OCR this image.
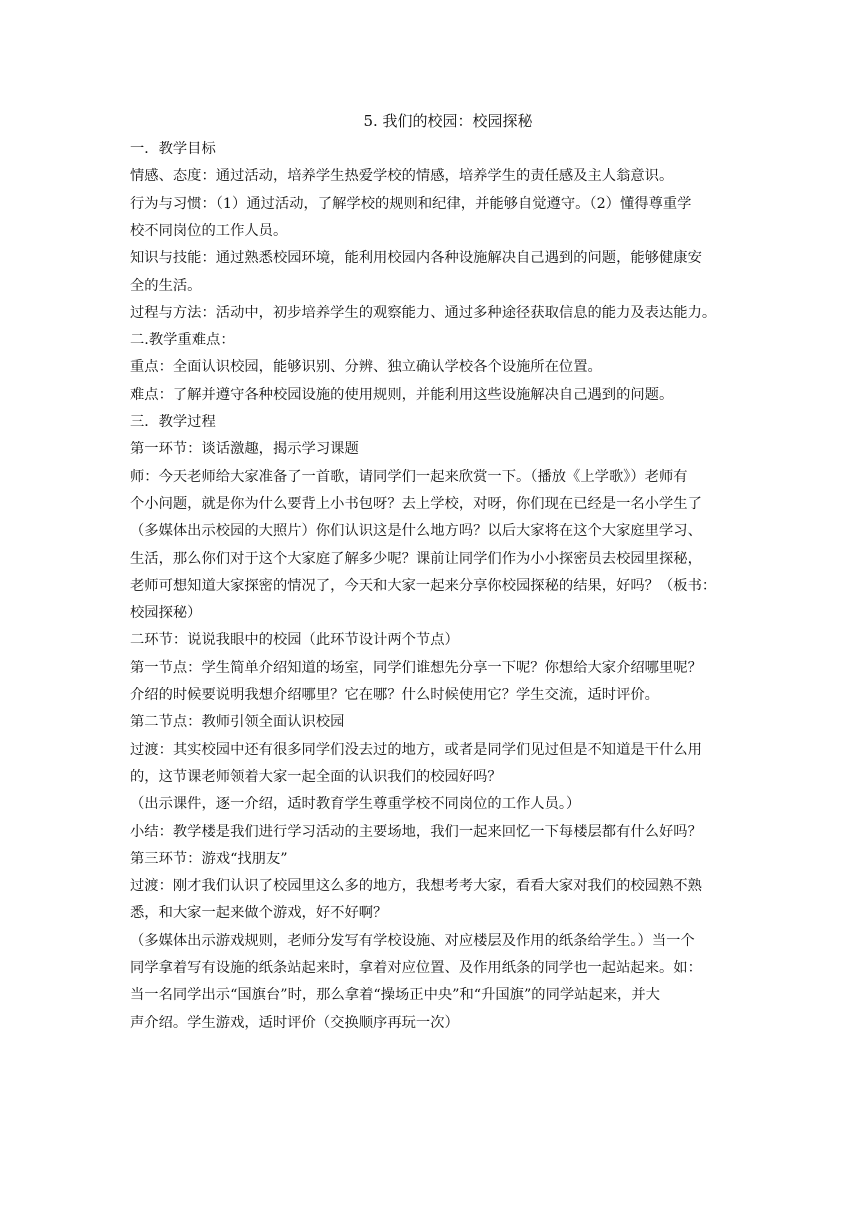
5. 我们的校园：校园探秘
一．教学目标
情感、态度：通过活动，培养学生热爱学校的情感，培养学生的责任感及主人翁意识。
行为与习惯：（1）通过活动，了解学校的规则和纪律，并能够自觉遵守。（2）懂得尊重学
校不同岗位的工作人员。
知识与技能：通过熟悉校园环境，能利用校园内各种设施解决自己遇到的问题，能够健康安
全的生活。
过程与方法：活动中，初步培养学生的观察能力、通过多种途径获取信息的能力及表达能力。
二.教学重难点：
重点：全面认识校园，能够识别、分辨、独立确认学校各个设施所在位置。
难点：了解并遵守各种校园设施的使用规则，并能利用这些设施解决自己遇到的问题。
三．教学过程
第一环节：谈话激趣，揭示学习课题
师：今天老师给大家准备了一首歌，请同学们一起来欣赏一下。（播放《上学歌》）老师有
个小问题，就是你为什么要背上小书包呀？去上学校，对呀，你们现在已经是一名小学生了
（多媒体出示校园的大照片）你们认识这是什么地方吗？以后大家将在这个大家庭里学习、
生活，那么你们对于这个大家庭了解多少呢？课前让同学们作为小小探密员去校园里探秘，
老师可想知道大家探密的情况了，今天和大家一起来分享你校园探秘的结果，好吗？（板书：
校园探秘）
二环节：说说我眼中的校园（此环节设计两个节点）
第一节点：学生简单介绍知道的场室，同学们谁想先分享一下呢？你想给大家介绍哪里呢？
介绍的时候要说明我想介绍哪里？它在哪？什么时候使用它？学生交流，适时评价。
第二节点：教师引领全面认识校园
过渡：其实校园中还有很多同学们没去过的地方，或者是同学们见过但是不知道是干什么用
的，这节课老师领着大家一起全面的认识我们的校园好吗？
（出示课件，逐一介绍，适时教育学生尊重学校不同岗位的工作人员。）
小结：教学楼是我们进行学习活动的主要场地，我们一起来回忆一下每楼层都有什么好吗？
第三环节：游戏“找朋友”
过渡：刚才我们认识了校园里这么多的地方，我想考考大家，看看大家对我们的校园熟不熟
悉，和大家一起来做个游戏，好不好啊？
（多媒体出示游戏规则，老师分发写有学校设施、对应楼层及作用的纸条给学生。）当一个
同学拿着写有设施的纸条站起来时，拿着对应位置、及作用纸条的同学也一起站起来。如：
当一名同学出示“国旗台”时，那么拿着“操场正中央”和“升国旗”的同学站起来，并大
声介绍。学生游戏，适时评价（交换顺序再玩一次）
